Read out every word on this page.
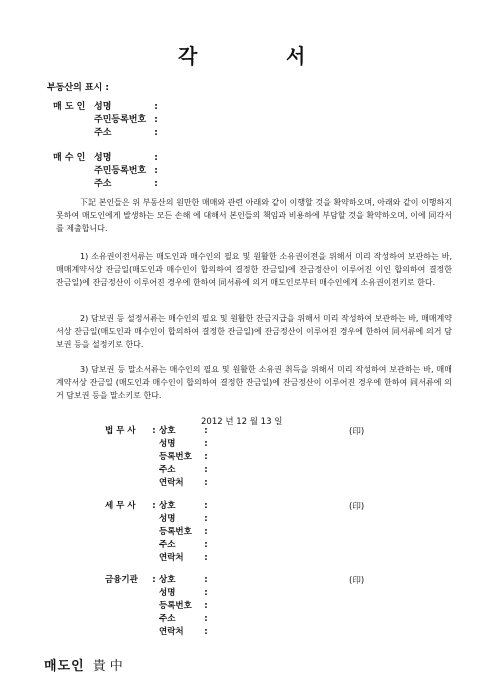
각	서
부동산의 표시 :
매 도 인 성명	:
주민등록번호 :
주소	:
매 수 인 성명	:
주민등록번호 :
주소	:

下記 본인들은 위 부동산의 원만한 매매와 관련 아래와 같이 이행할 것을 확약하오며, 아래와 같이 이행하지 못하여 매도인에게 발생하는 모든 손해 에 대해서 본인들의 책임과 비용하에 부담할 것을 확약하오며, 이에 同각서를 제출합니다.

1) 소유권이전서류는 매도인과 매수인의 필요 및 원활한 소유권이전을 위해서 미리 작성하여 보관하는 바, 매매계약서상 잔금일(매도인과 매수인이 합의하여 결정한 잔금일)에 잔금정산이 이루어진 이인 합의하여 결정한 잔금일)에 잔금정산이 이루어진 경우에 한하여 同서류에 의거 매도인로부터 매수인에게 소유권이전키로 한다.

2) 담보권 등 설정서류는 매수인의 필요 및 원활한 잔금지급을 위해서 미리 작성하여 보관하는 바, 매매계약서상 잔금일(매도인과 매수인이 합의하여 결정한 잔금일)에 잔금정산이 이루어진 경우에 한하여 同서류에 의거 담보권 등을 설정키로 한다.

3) 담보권 등 말소서류는 매수인의 필요 및 원활한 소유권 취득을 위해서 미리 작성하여 보관하는 바, 매매계약서상 잔금일 (매도인과 매수인이 합의하여 결정한 잔금일)에 잔금정산이 이루어진 경우에 한하여 同서류에 의거 담보권 등을 말소키로 한다.

2012 년 12 월 13 일
법 무 사 : 상호	:
성명	:
등록번호 :
주소	:
연락처 :
(印)
세 무 사 : 상호	:
성명	:
등록번호 :
주소	:
연락처 :
(印)
금융기관 : 상호	:
성명	:
등록번호 :
주소	:
연락처 :
(印)
매도인 貴中
